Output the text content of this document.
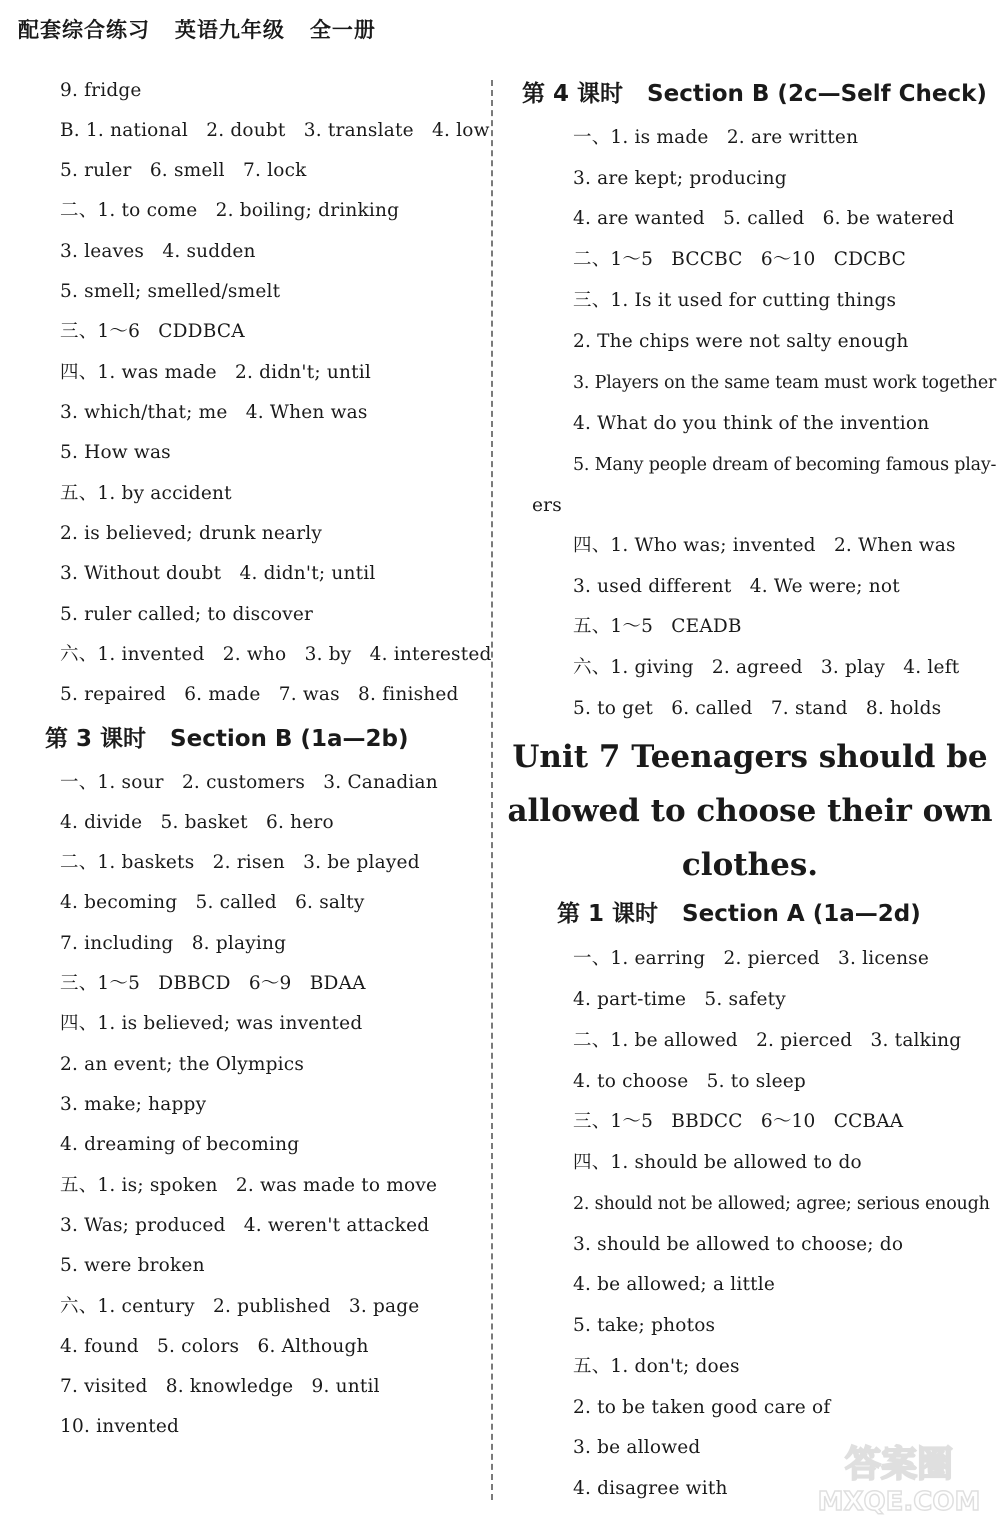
配套综合练习   英语九年级   全一册
9. fridge
B. 1. national   2. doubt   3. translate   4. low
5. ruler   6. smell   7. lock
二、1. to come   2. boiling; drinking
3. leaves   4. sudden
5. smell; smelled/smelt
三、1～6   CDDBCA
四、1. was made   2. didn't; until
3. which/that; me   4. When was
5. How was
五、1. by accident
2. is believed; drunk nearly
3. Without doubt   4. didn't; until
5. ruler called; to discover
六、1. invented   2. who   3. by   4. interested
5. repaired   6. made   7. was   8. finished
第 3 课时   Section B (1a—2b)
一、1. sour   2. customers   3. Canadian
4. divide   5. basket   6. hero
二、1. baskets   2. risen   3. be played
4. becoming   5. called   6. salty
7. including   8. playing
三、1～5   DBBCD   6～9   BDAA
四、1. is believed; was invented
2. an event; the Olympics
3. make; happy
4. dreaming of becoming
五、1. is; spoken   2. was made to move
3. Was; produced   4. weren't attacked
5. were broken
六、1. century   2. published   3. page
4. found   5. colors   6. Although
7. visited   8. knowledge   9. until
10. invented
第 4 课时   Section B (2c—Self Check)
一、1. is made   2. are written
3. are kept; producing
4. are wanted   5. called   6. be watered
二、1～5   BCCBC   6～10   CDCBC
三、1. Is it used for cutting things
2. The chips were not salty enough
3. Players on the same team must work together
4. What do you think of the invention
5. Many people dream of becoming famous play-
ers
四、1. Who was; invented   2. When was
3. used different   4. We were; not
五、1～5   CEADB
六、1. giving   2. agreed   3. play   4. left
5. to get   6. called   7. stand   8. holds
Unit 7 Teenagers should be
allowed to choose their own
clothes.
第 1 课时   Section A (1a—2d)
一、1. earring   2. pierced   3. license
4. part-time   5. safety
二、1. be allowed   2. pierced   3. talking
4. to choose   5. to sleep
三、1～5   BBDCC   6～10   CCBAA
四、1. should be allowed to do
2. should not be allowed; agree; serious enough
3. should be allowed to choose; do
4. be allowed; a little
5. take; photos
五、1. don't; does
2. to be taken good care of
3. be allowed
4. disagree with
答案圈
MXQE.COM
